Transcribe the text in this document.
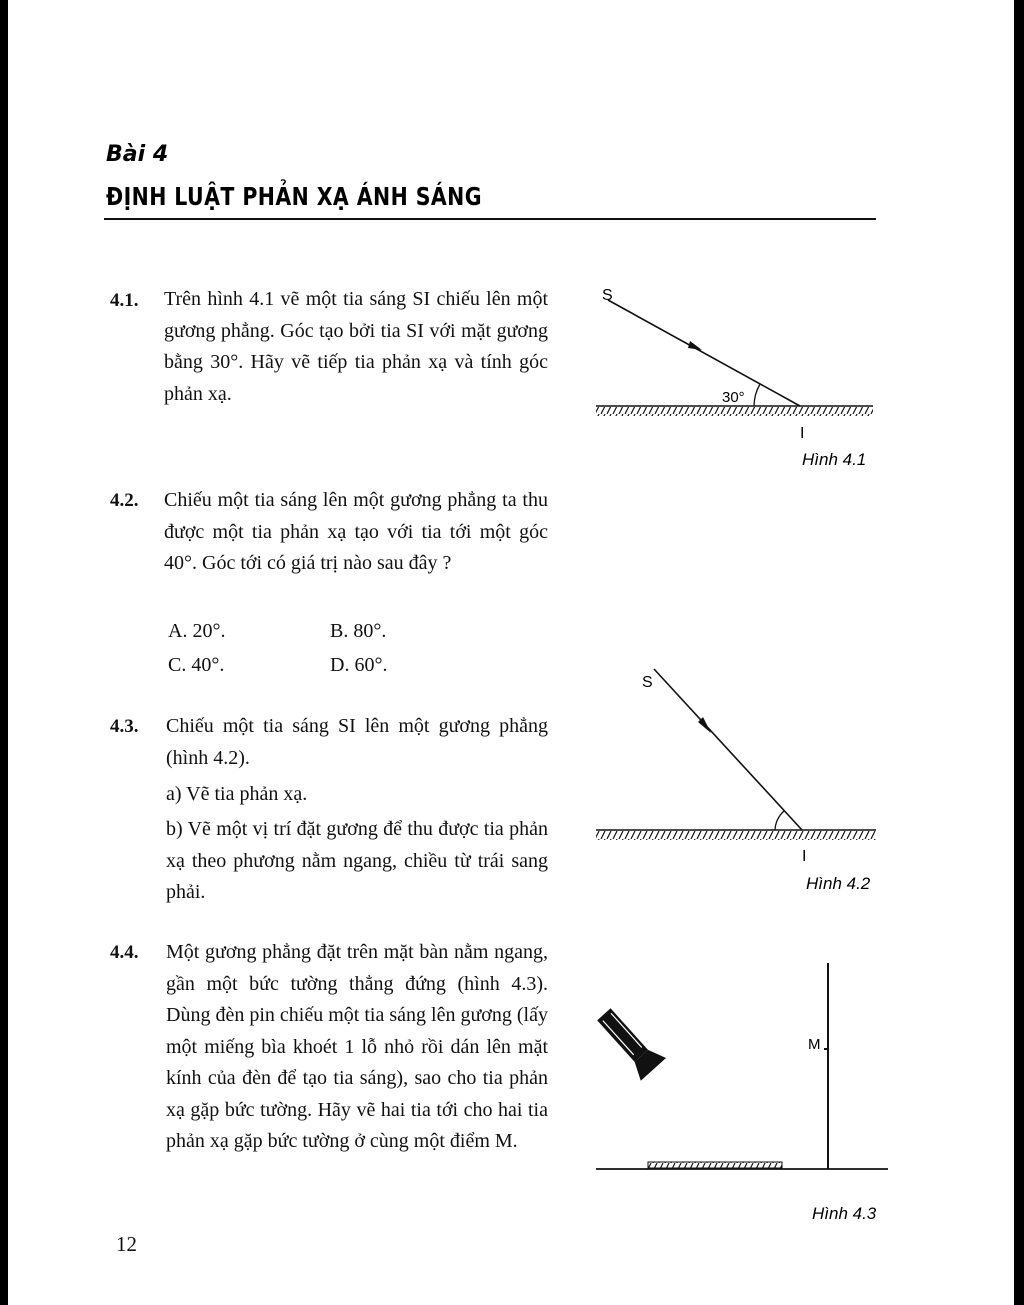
Bài 4
ĐỊNH LUẬT PHẢN XẠ ÁNH SÁNG
4.1. Trên hình 4.1 vẽ một tia sáng SI chiếu lên một gương phẳng. Góc tạo bởi tia SI với mặt gương bằng 30°. Hãy vẽ tiếp tia phản xạ và tính góc phản xạ.
4.2. Chiếu một tia sáng lên một gương phẳng ta thu được một tia phản xạ tạo với tia tới một góc 40°. Góc tới có giá trị nào sau đây ?
A. 20°.	B. 80°.
C. 40°.	D. 60°.
4.3. Chiếu một tia sáng SI lên một gương phẳng (hình 4.2).
a) Vẽ tia phản xạ.
b) Vẽ một vị trí đặt gương để thu được tia phản xạ theo phương nằm ngang, chiều từ trái sang phải.
4.4. Một gương phẳng đặt trên mặt bàn nằm ngang, gần một bức tường thẳng đứng (hình 4.3). Dùng đèn pin chiếu một tia sáng lên gương (lấy một miếng bìa khoét 1 lỗ nhỏ rồi dán lên mặt kính của đèn để tạo tia sáng), sao cho tia phản xạ gặp bức tường. Hãy vẽ hai tia tới cho hai tia phản xạ gặp bức tường ở cùng một điểm M.
12
S
30°
I
Hình 4.1
S
I
Hình 4.2
M
Hình 4.3
